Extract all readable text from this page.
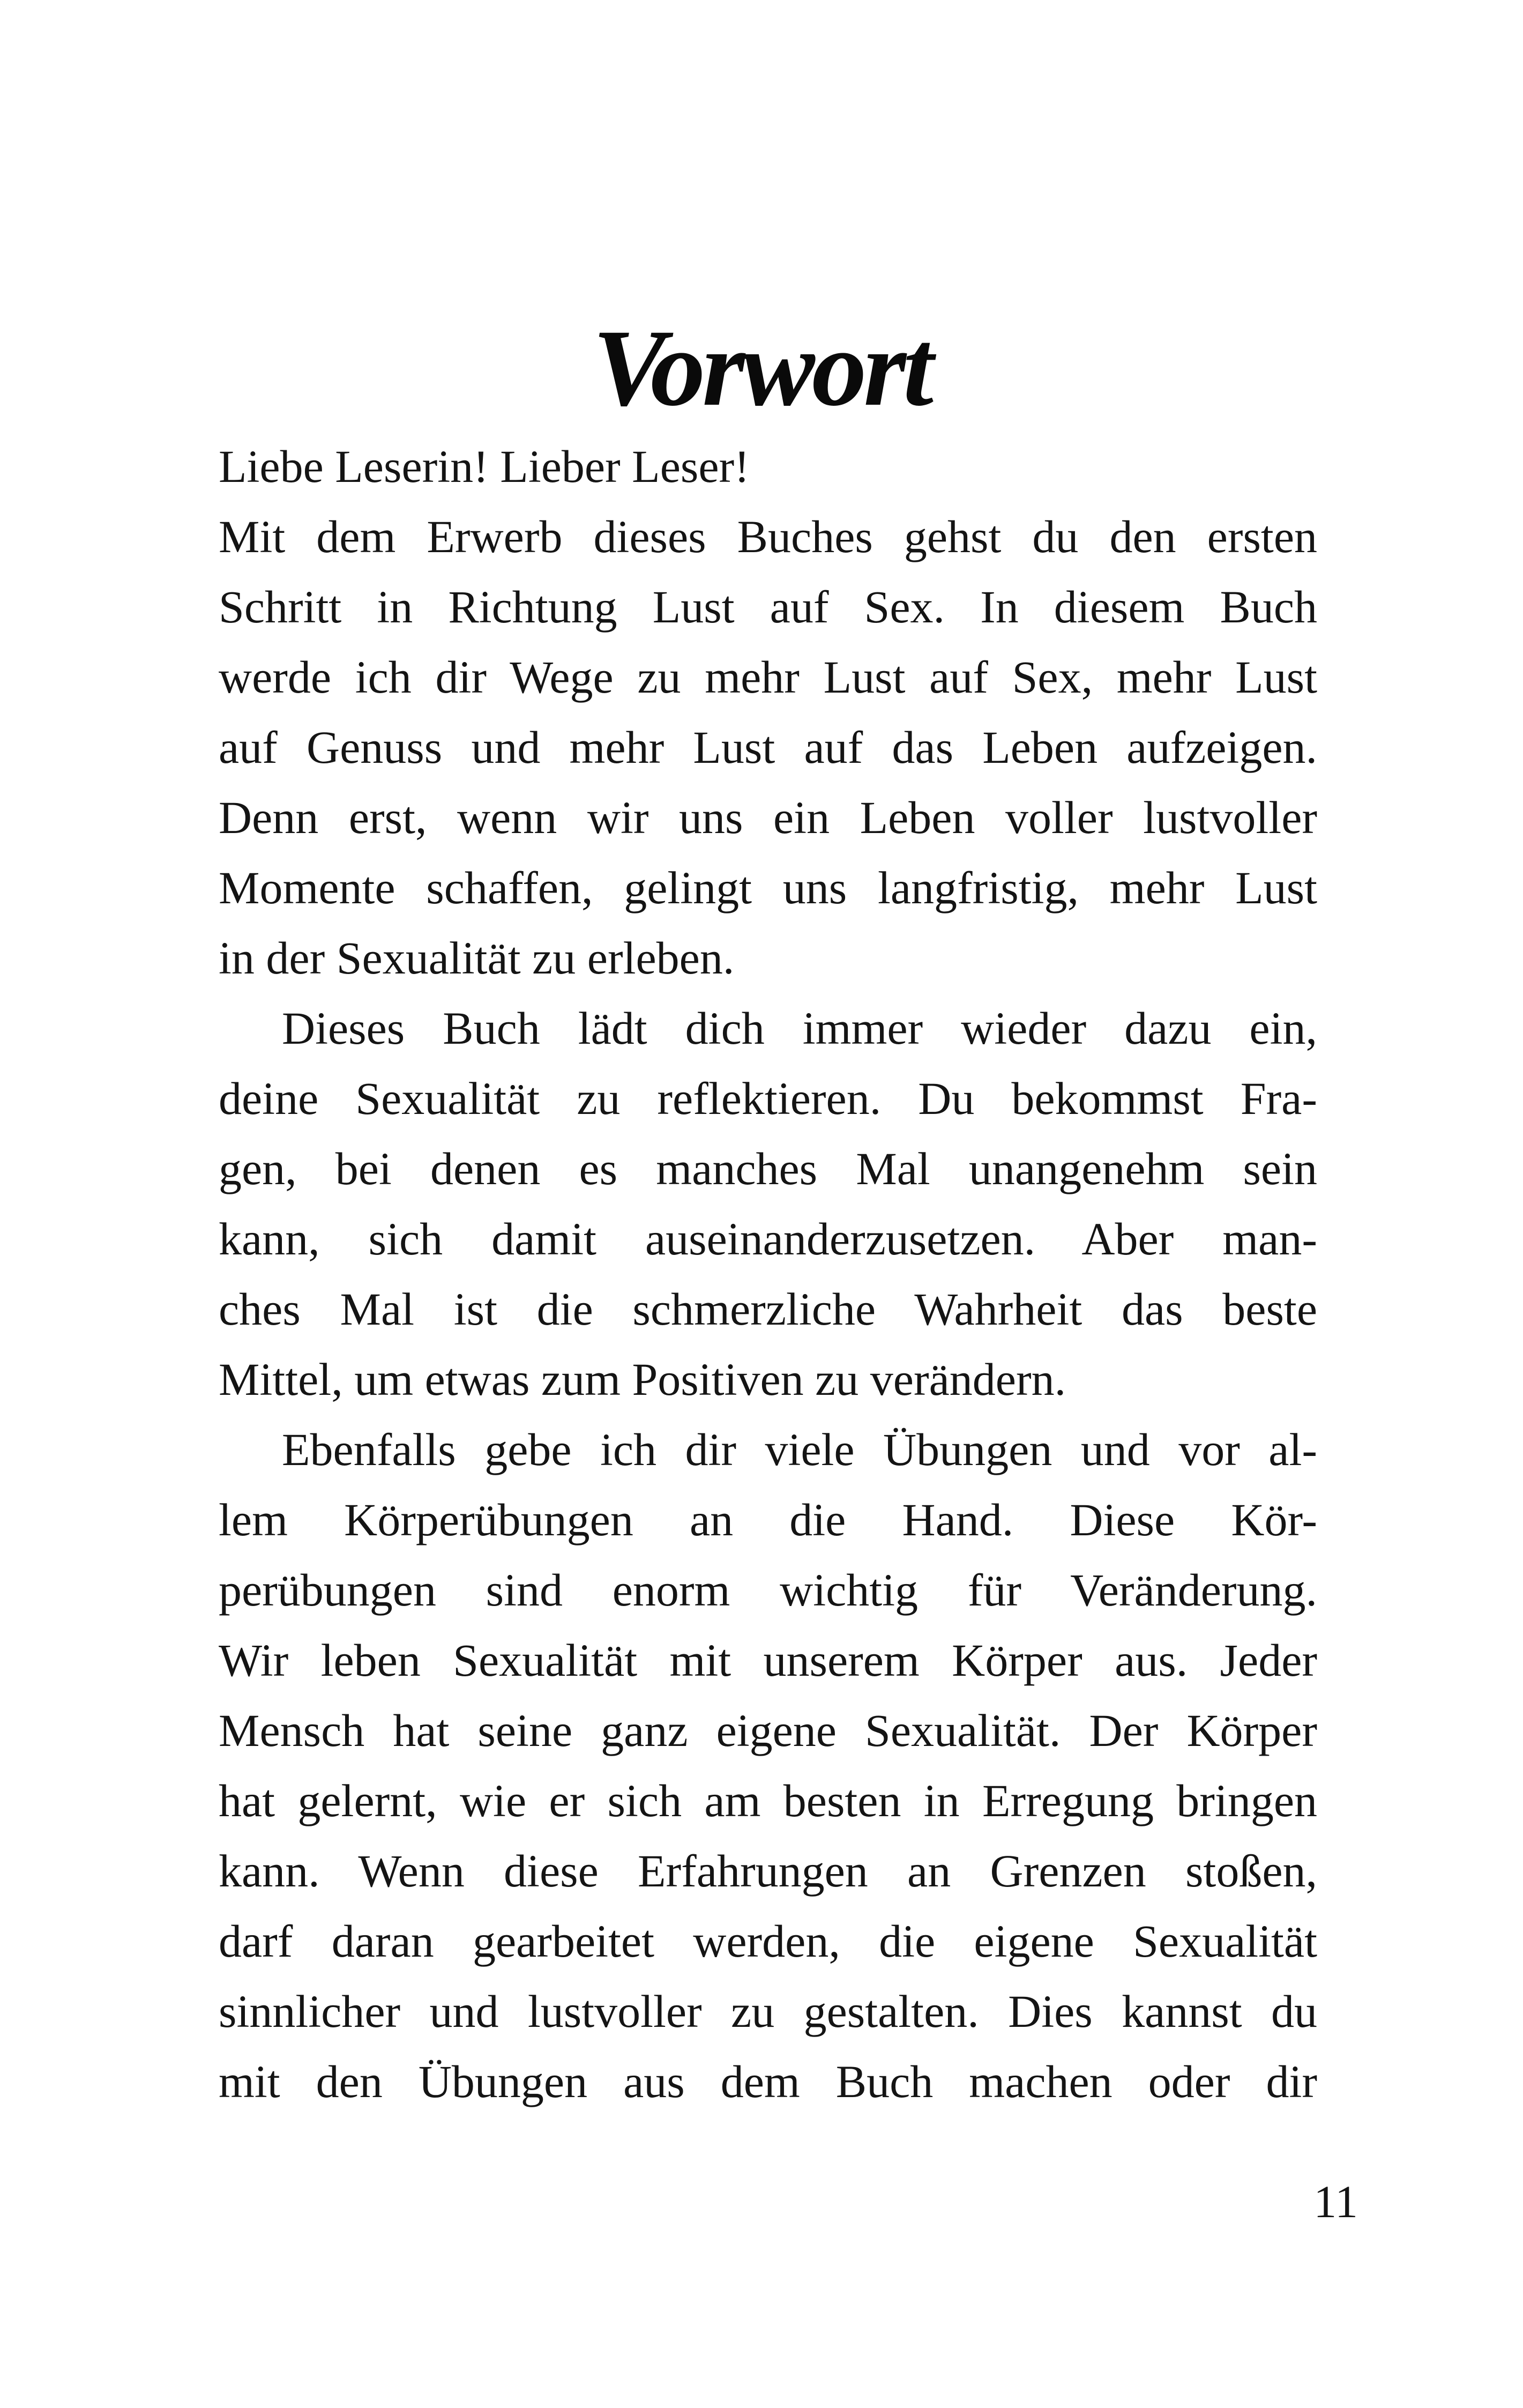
Vorwort
Liebe Leserin! Lieber Leser!
Mit dem Erwerb dieses Buches gehst du den ersten
Schritt in Richtung Lust auf Sex. In diesem Buch
werde ich dir Wege zu mehr Lust auf Sex, mehr Lust
auf Genuss und mehr Lust auf das Leben aufzeigen.
Denn erst, wenn wir uns ein Leben voller lustvoller
Momente schaffen, gelingt uns langfristig, mehr Lust
in der Sexualität zu erleben.
Dieses Buch lädt dich immer wieder dazu ein,
deine Sexualität zu reflektieren. Du bekommst Fra-
gen, bei denen es manches Mal unangenehm sein
kann, sich damit auseinanderzusetzen. Aber man-
ches Mal ist die schmerzliche Wahrheit das beste
Mittel, um etwas zum Positiven zu verändern.
Ebenfalls gebe ich dir viele Übungen und vor al-
lem Körperübungen an die Hand. Diese Kör-
perübungen sind enorm wichtig für Veränderung.
Wir leben Sexualität mit unserem Körper aus. Jeder
Mensch hat seine ganz eigene Sexualität. Der Körper
hat gelernt, wie er sich am besten in Erregung bringen
kann. Wenn diese Erfahrungen an Grenzen stoßen,
darf daran gearbeitet werden, die eigene Sexualität
sinnlicher und lustvoller zu gestalten. Dies kannst du
mit den Übungen aus dem Buch machen oder dir
11
